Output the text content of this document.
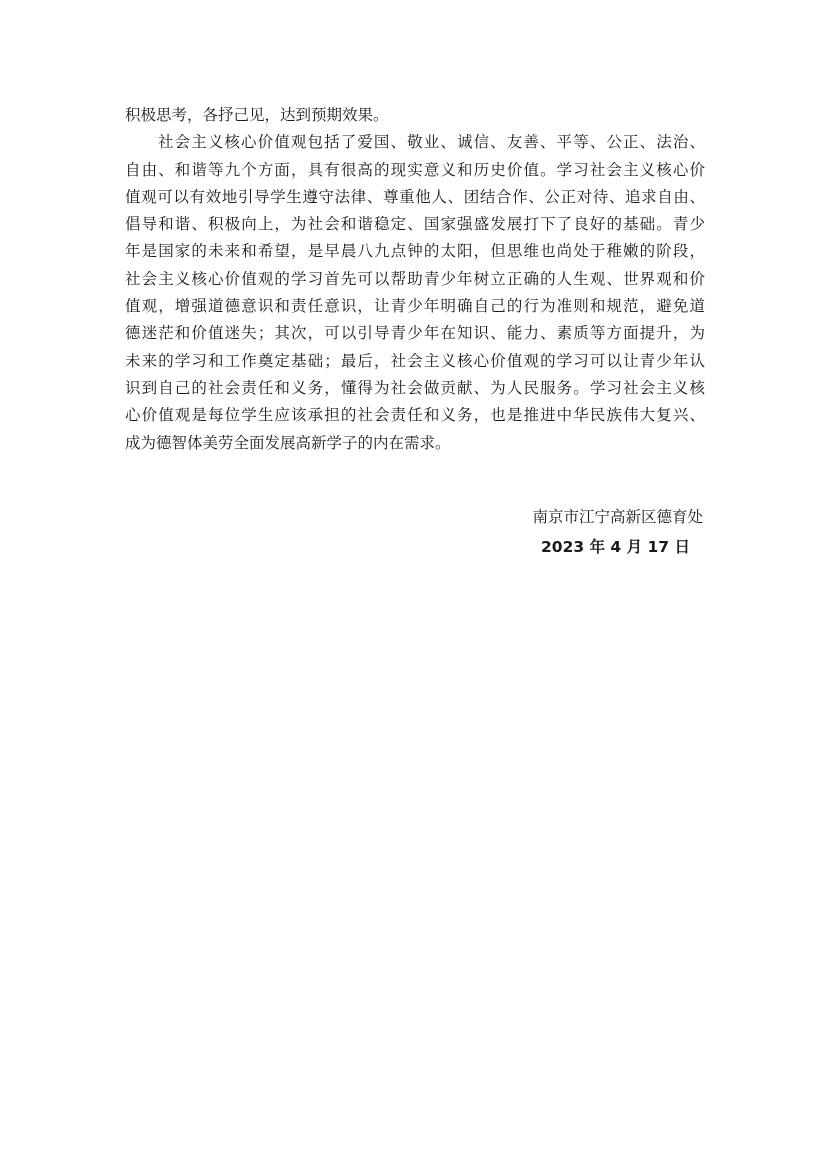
积极思考，各抒己见，达到预期效果。
社会主义核心价值观包括了爱国、敬业、诚信、友善、平等、公正、法治、
自由、和谐等九个方面，具有很高的现实意义和历史价值。学习社会主义核心价
值观可以有效地引导学生遵守法律、尊重他人、团结合作、公正对待、追求自由、
倡导和谐、积极向上，为社会和谐稳定、国家强盛发展打下了良好的基础。青少
年是国家的未来和希望，是早晨八九点钟的太阳，但思维也尚处于稚嫩的阶段，
社会主义核心价值观的学习首先可以帮助青少年树立正确的人生观、世界观和价
值观，增强道德意识和责任意识，让青少年明确自己的行为准则和规范，避免道
德迷茫和价值迷失；其次，可以引导青少年在知识、能力、素质等方面提升，为
未来的学习和工作奠定基础；最后，社会主义核心价值观的学习可以让青少年认
识到自己的社会责任和义务，懂得为社会做贡献、为人民服务。学习社会主义核
心价值观是每位学生应该承担的社会责任和义务，也是推进中华民族伟大复兴、
成为德智体美劳全面发展高新学子的内在需求。
南京市江宁高新区德育处
2023 年 4 月 17 日
